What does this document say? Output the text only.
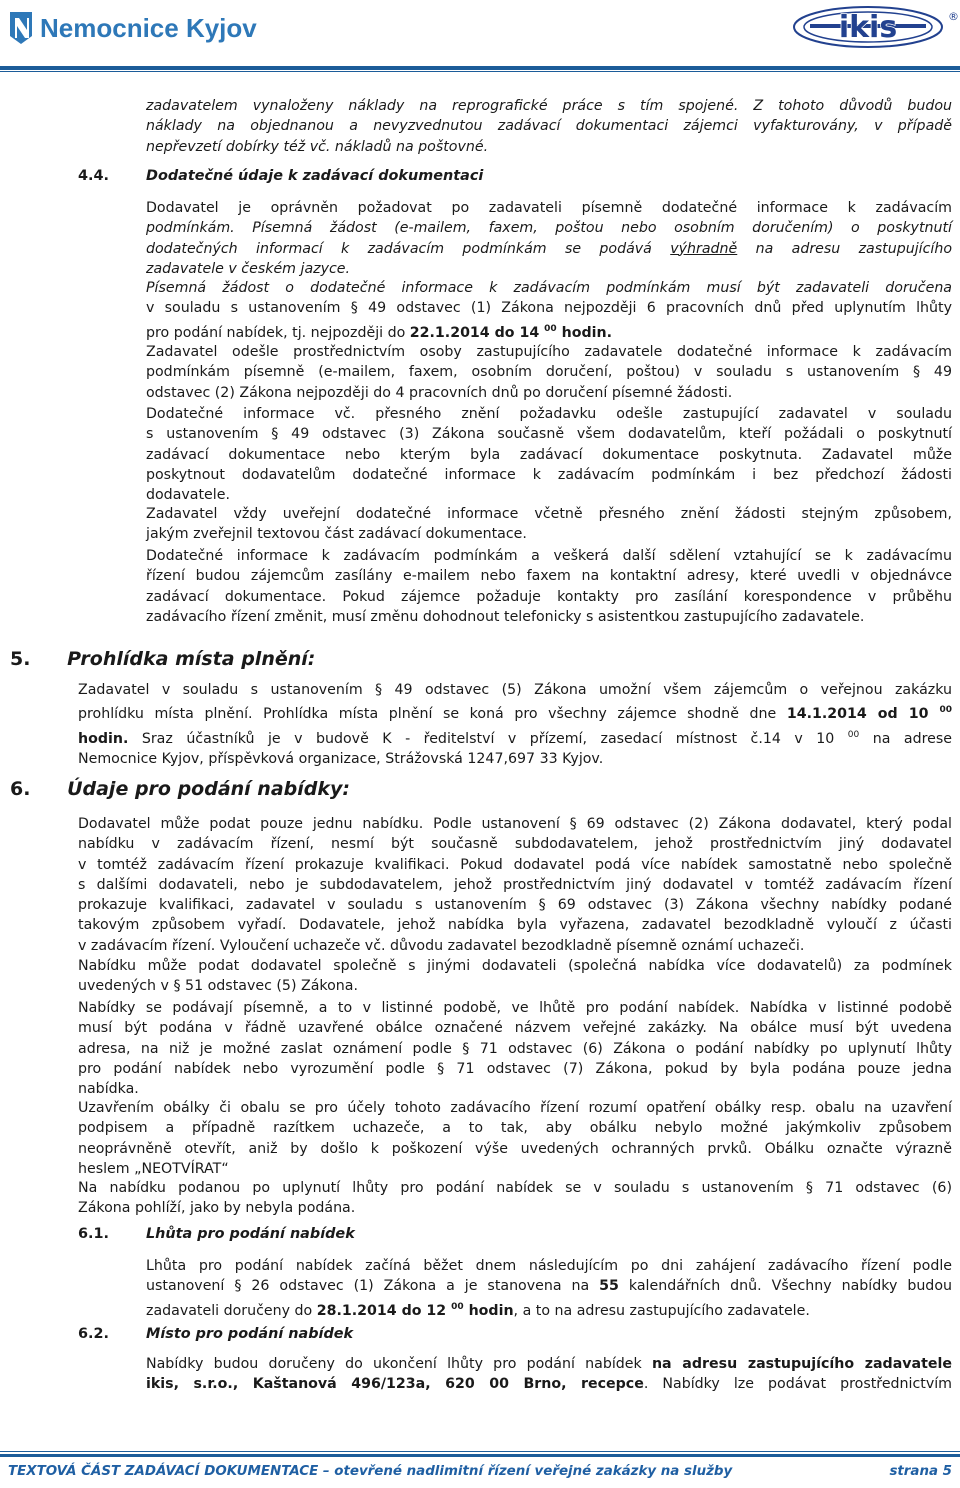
Nemocnice Kyjov	ikis	®
zadavatelem vynaloženy náklady na reprografické práce s tím spojené. Z tohoto důvodů budou
náklady na objednanou a nevyzvednutou zadávací dokumentaci zájemci vyfakturovány, v případě
nepřevzetí dobírky též vč. nákladů na poštovné.
4.4.	Dodatečné údaje k zadávací dokumentaci
Dodavatel je oprávněn požadovat po zadavateli písemně dodatečné informace k zadávacím
podmínkám. Písemná žádost (e-mailem, faxem, poštou nebo osobním doručením) o poskytnutí
dodatečných informací k zadávacím podmínkám se podává výhradně na adresu zastupujícího
zadavatele v českém jazyce.
Písemná žádost o dodatečné informace k zadávacím podmínkám musí být zadavateli doručena
v souladu s ustanovením § 49 odstavec (1) Zákona nejpozději 6 pracovních dnů před uplynutím lhůty
pro podání nabídek, tj. nejpozději do 22.1.2014 do 14 $^{00}$ hodin.
Zadavatel odešle prostřednictvím osoby zastupujícího zadavatele dodatečné informace k zadávacím
podmínkám písemně (e-mailem, faxem, osobním doručení, poštou) v souladu s ustanovením § 49
odstavec (2) Zákona nejpozději do 4 pracovních dnů po doručení písemné žádosti.
Dodatečné informace vč. přesného znění požadavku odešle zastupující zadavatel v souladu
s ustanovením § 49 odstavec (3) Zákona současně všem dodavatelům, kteří požádali o poskytnutí
zadávací dokumentace nebo kterým byla zadávací dokumentace poskytnuta. Zadavatel může
poskytnout dodavatelům dodatečné informace k zadávacím podmínkám i bez předchozí žádosti
dodavatele.
Zadavatel vždy uveřejní dodatečné informace včetně přesného znění žádosti stejným způsobem,
jakým zveřejnil textovou část zadávací dokumentace.
Dodatečné informace k zadávacím podmínkám a veškerá další sdělení vztahující se k zadávacímu
řízení budou zájemcům zasílány e-mailem nebo faxem na kontaktní adresy, které uvedli v objednávce
zadávací dokumentace. Pokud zájemce požaduje kontakty pro zasílání korespondence v průběhu
zadávacího řízení změnit, musí změnu dohodnout telefonicky s asistentkou zastupujícího zadavatele.
5. Prohlídka místa plnění:
Zadavatel v souladu s ustanovením § 49 odstavec (5) Zákona umožní všem zájemcům o veřejnou zakázku
prohlídku místa plnění. Prohlídka místa plnění se koná pro všechny zájemce shodně dne 14.1.2014 od 10 $^{00}$
hodin. Sraz účastníků je v budově K - ředitelství v přízemí, zasedací místnost č.14 v 10 $^{00}$ na adrese
Nemocnice Kyjov, příspěvková organizace, Strážovská 1247,697 33 Kyjov.
6. Údaje pro podání nabídky:
Dodavatel může podat pouze jednu nabídku. Podle ustanovení § 69 odstavec (2) Zákona dodavatel, který podal
nabídku v zadávacím řízení, nesmí být současně subdodavatelem, jehož prostřednictvím jiný dodavatel
v tomtéž zadávacím řízení prokazuje kvalifikaci. Pokud dodavatel podá více nabídek samostatně nebo společně
s dalšími dodavateli, nebo je subdodavatelem, jehož prostřednictvím jiný dodavatel v tomtéž zadávacím řízení
prokazuje kvalifikaci, zadavatel v souladu s ustanovením § 69 odstavec (3) Zákona všechny nabídky podané
takovým způsobem vyřadí. Dodavatele, jehož nabídka byla vyřazena, zadavatel bezodkladně vyloučí z účasti
v zadávacím řízení. Vyloučení uchazeče vč. důvodu zadavatel bezodkladně písemně oznámí uchazeči.
Nabídku může podat dodavatel společně s jinými dodavateli (společná nabídka více dodavatelů) za podmínek
uvedených v § 51 odstavec (5) Zákona.
Nabídky se podávají písemně, a to v listinné podobě, ve lhůtě pro podání nabídek. Nabídka v listinné podobě
musí být podána v řádně uzavřené obálce označené názvem veřejné zakázky. Na obálce musí být uvedena
adresa, na niž je možné zaslat oznámení podle § 71 odstavec (6) Zákona o podání nabídky po uplynutí lhůty
pro podání nabídek nebo vyrozumění podle § 71 odstavec (7) Zákona, pokud by byla podána pouze jedna
nabídka.
Uzavřením obálky či obalu se pro účely tohoto zadávacího řízení rozumí opatření obálky resp. obalu na uzavření
podpisem a případně razítkem uchazeče, a to tak, aby obálku nebylo možné jakýmkoliv způsobem
neoprávněně otevřít, aniž by došlo k poškození výše uvedených ochranných prvků. Obálku označte výrazně
heslem „NEOTVÍRAT“
Na nabídku podanou po uplynutí lhůty pro podání nabídek se v souladu s ustanovením § 71 odstavec (6)
Zákona pohlíží, jako by nebyla podána.
6.1.	Lhůta pro podání nabídek
Lhůta pro podání nabídek začíná běžet dnem následujícím po dni zahájení zadávacího řízení podle
ustanovení § 26 odstavec (1) Zákona a je stanovena na 55 kalendářních dnů. Všechny nabídky budou
zadavateli doručeny do 28.1.2014 do 12 $^{00}$ hodin, a to na adresu zastupujícího zadavatele.
6.2.	Místo pro podání nabídek
Nabídky budou doručeny do ukončení lhůty pro podání nabídek na adresu zastupujícího zadavatele
ikis, s.r.o., Kaštanová 496/123a, 620 00 Brno, recepce. Nabídky lze podávat prostřednictvím
TEXTOVÁ ČÁST ZADÁVACÍ DOKUMENTACE – otevřené nadlimitní řízení veřejné zakázky na služby	strana 5
